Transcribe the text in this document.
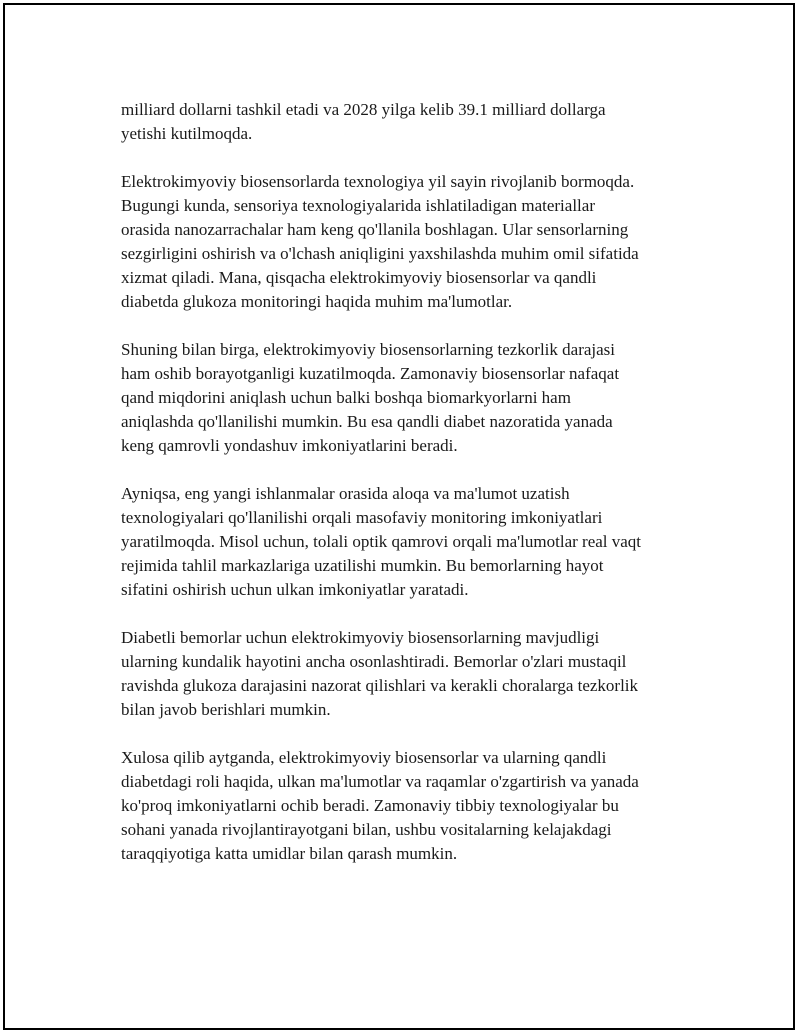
milliard dollarni tashkil etadi va 2028 yilga kelib 39.1 milliard dollarga
yetishi kutilmoqda.

Elektrokimyoviy biosensorlarda texnologiya yil sayin rivojlanib bormoqda.
Bugungi kunda, sensoriya texnologiyalarida ishlatiladigan materiallar
orasida nanozarrachalar ham keng qo'llanila boshlagan. Ular sensorlarning
sezgirligini oshirish va o'lchash aniqligini yaxshilashda muhim omil sifatida
xizmat qiladi. Mana, qisqacha elektrokimyoviy biosensorlar va qandli
diabetda glukoza monitoringi haqida muhim ma'lumotlar.

Shuning bilan birga, elektrokimyoviy biosensorlarning tezkorlik darajasi
ham oshib borayotganligi kuzatilmoqda. Zamonaviy biosensorlar nafaqat
qand miqdorini aniqlash uchun balki boshqa biomarkyorlarni ham
aniqlashda qo'llanilishi mumkin. Bu esa qandli diabet nazoratida yanada
keng qamrovli yondashuv imkoniyatlarini beradi.

Ayniqsa, eng yangi ishlanmalar orasida aloqa va ma'lumot uzatish
texnologiyalari qo'llanilishi orqali masofaviy monitoring imkoniyatlari
yaratilmoqda. Misol uchun, tolali optik qamrovi orqali ma'lumotlar real vaqt
rejimida tahlil markazlariga uzatilishi mumkin. Bu bemorlarning hayot
sifatini oshirish uchun ulkan imkoniyatlar yaratadi.

Diabetli bemorlar uchun elektrokimyoviy biosensorlarning mavjudligi
ularning kundalik hayotini ancha osonlashtiradi. Bemorlar o'zlari mustaqil
ravishda glukoza darajasini nazorat qilishlari va kerakli choralarga tezkorlik
bilan javob berishlari mumkin.

Xulosa qilib aytganda, elektrokimyoviy biosensorlar va ularning qandli
diabetdagi roli haqida, ulkan ma'lumotlar va raqamlar o'zgartirish va yanada
ko'proq imkoniyatlarni ochib beradi. Zamonaviy tibbiy texnologiyalar bu
sohani yanada rivojlantirayotgani bilan, ushbu vositalarning kelajakdagi
taraqqiyotiga katta umidlar bilan qarash mumkin.
